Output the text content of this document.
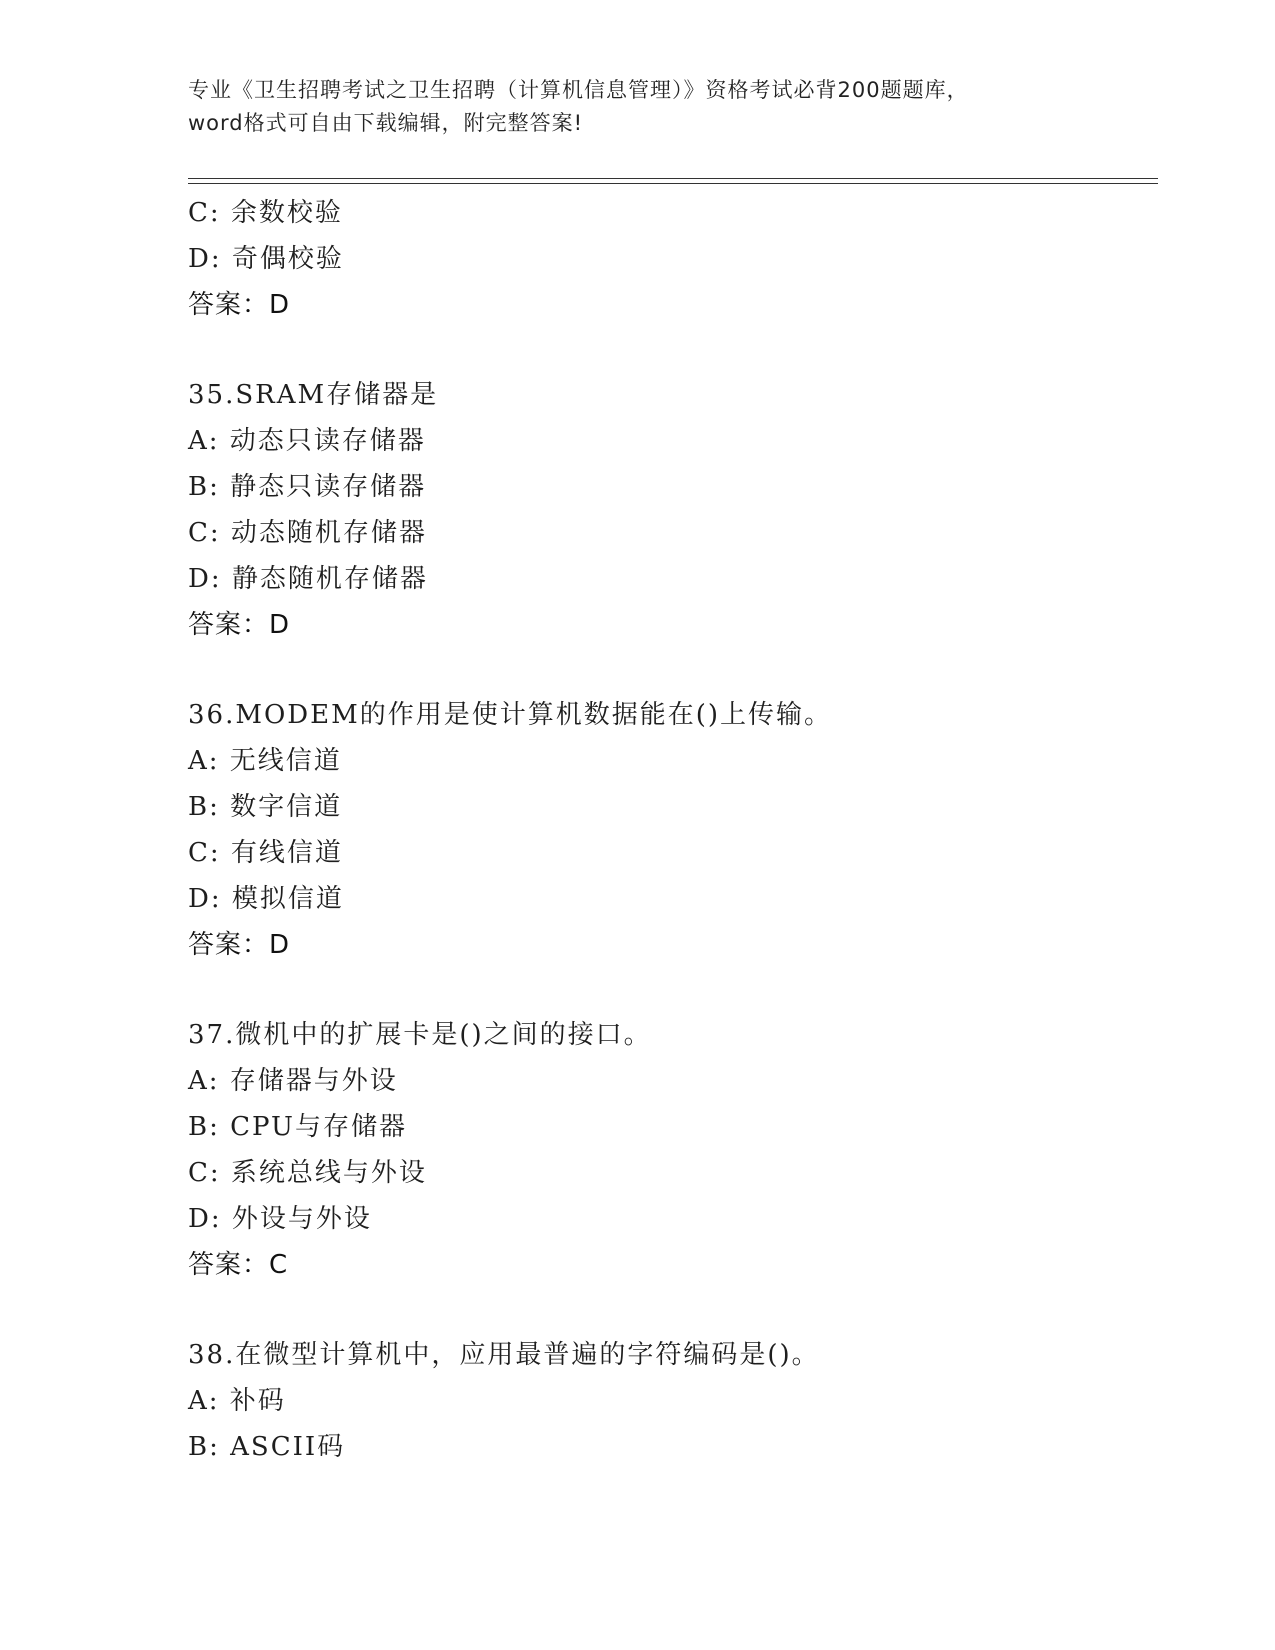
专业《卫生招聘考试之卫生招聘（计算机信息管理）》资格考试必背200题题库，
word格式可自由下载编辑，附完整答案!
C: 余数校验
D: 奇偶校验
答案：D
35.SRAM存储器是
A: 动态只读存储器
B: 静态只读存储器
C: 动态随机存储器
D: 静态随机存储器
答案：D
36.MODEM的作用是使计算机数据能在()上传输。
A: 无线信道
B: 数字信道
C: 有线信道
D: 模拟信道
答案：D
37.微机中的扩展卡是()之间的接口。
A: 存储器与外设
B: CPU与存储器
C: 系统总线与外设
D: 外设与外设
答案：C
38.在微型计算机中，应用最普遍的字符编码是()。
A: 补码
B: ASCII码
